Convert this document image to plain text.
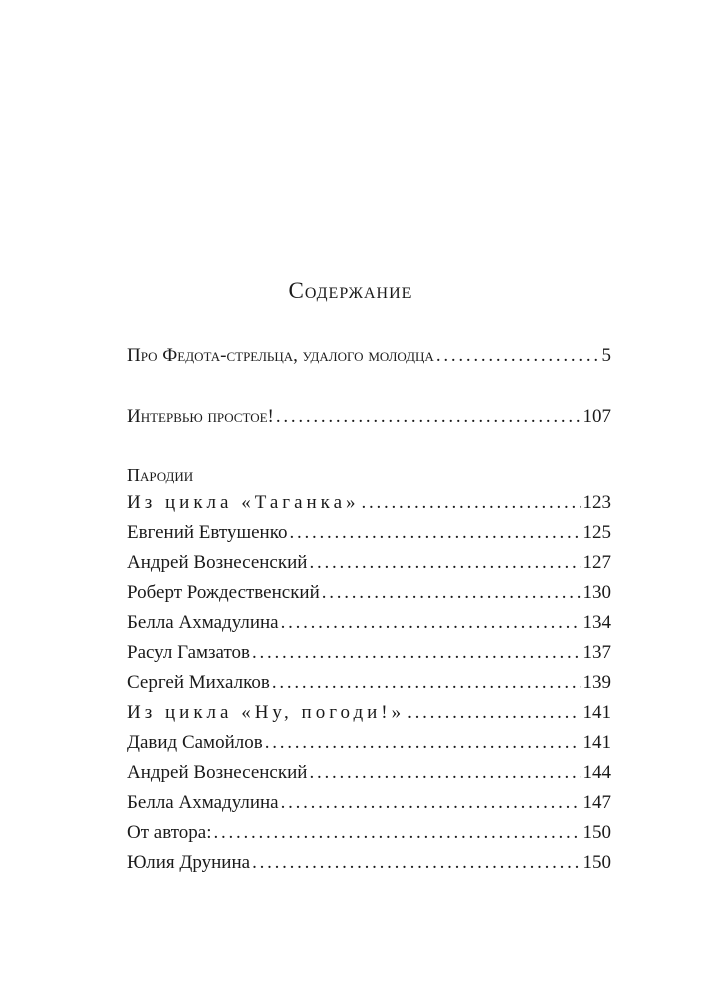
Содержание
Про Федота-стрельца, удалого молодца . . .	5
Интервью простое! . . .	107
Пародии
Из цикла «Таганка» . . .	123
Евгений Евтушенко . . .	125
Андрей Вознесенский . . .	127
Роберт Рождественский . . .	130
Белла Ахмадулина . . .	134
Расул Гамзатов . . .	137
Сергей Михалков . . .	139
Из цикла «Ну, погоди!» . . .	141
Давид Самойлов . . .	141
Андрей Вознесенский . . .	144
Белла Ахмадулина . . .	147
От автора: . . .	150
Юлия Друнина . . .	150
